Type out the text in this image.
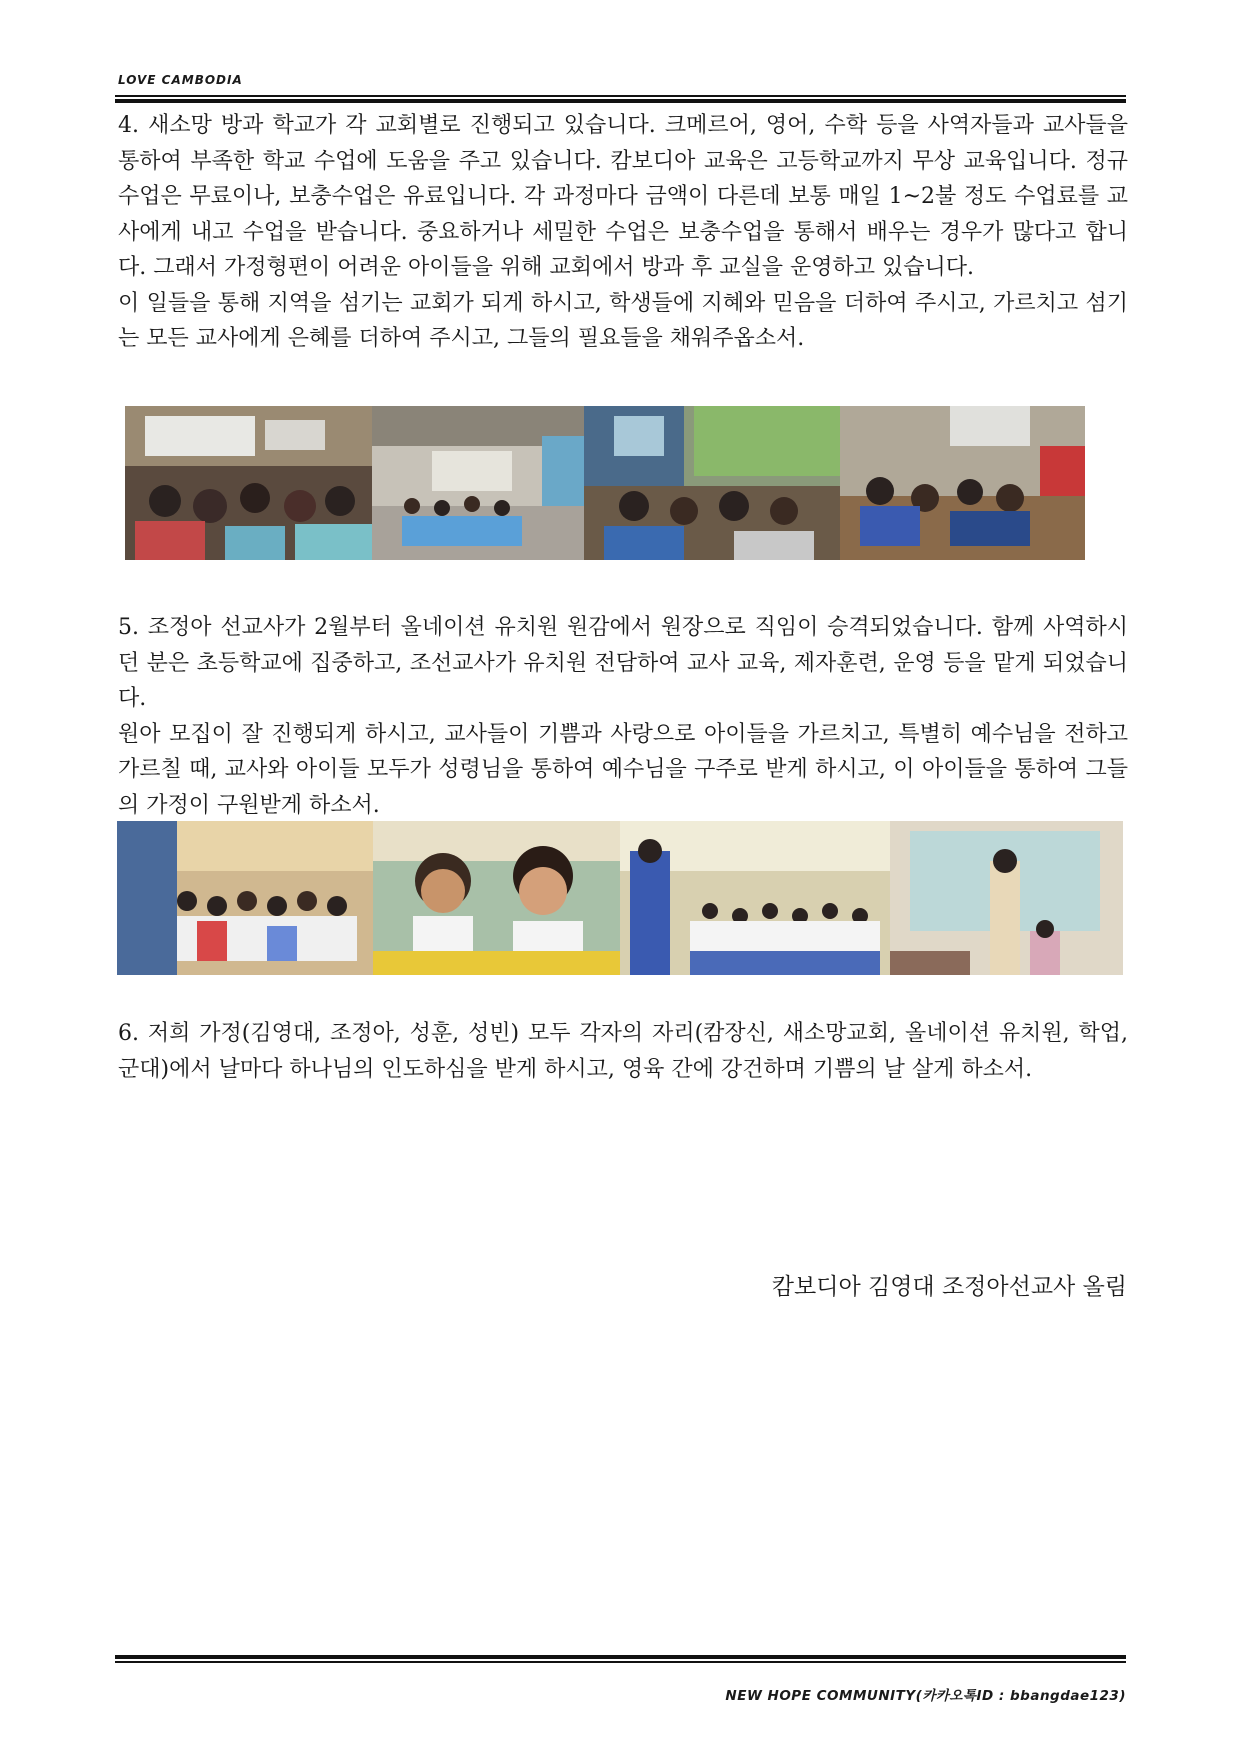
LOVE CAMBODIA

4. 새소망 방과 학교가 각 교회별로 진행되고 있습니다. 크메르어, 영어, 수학 등을 사역자들과 교사들을 통하여 부족한 학교 수업에 도움을 주고 있습니다. 캄보디아 교육은 고등학교까지 무상 교육입니다. 정규 수업은 무료이나, 보충수업은 유료입니다. 각 과정마다 금액이 다른데 보통 매일 1~2불 정도 수업료를 교사에게 내고 수업을 받습니다. 중요하거나 세밀한 수업은 보충수업을 통해서 배우는 경우가 많다고 합니다. 그래서 가정형편이 어려운 아이들을 위해 교회에서 방과 후 교실을 운영하고 있습니다.

이 일들을 통해 지역을 섬기는 교회가 되게 하시고, 학생들에 지혜와 믿음을 더하여 주시고, 가르치고 섬기는 모든 교사에게 은혜를 더하여 주시고, 그들의 필요들을 채워주옵소서.

5. 조정아 선교사가 2월부터 올네이션 유치원 원감에서 원장으로 직임이 승격되었습니다. 함께 사역하시던 분은 초등학교에 집중하고, 조선교사가 유치원 전담하여 교사 교육, 제자훈련, 운영 등을 맡게 되었습니다.

원아 모집이 잘 진행되게 하시고, 교사들이 기쁨과 사랑으로 아이들을 가르치고, 특별히 예수님을 전하고 가르칠 때, 교사와 아이들 모두가 성령님을 통하여 예수님을 구주로 받게 하시고, 이 아이들을 통하여 그들의 가정이 구원받게 하소서.

6. 저희 가정(김영대, 조정아, 성훈, 성빈) 모두 각자의 자리(캄장신, 새소망교회, 올네이션 유치원, 학업, 군대)에서 날마다 하나님의 인도하심을 받게 하시고, 영육 간에 강건하며 기쁨의 날 살게 하소서.

캄보디아 김영대 조정아선교사 올림
NEW HOPE COMMUNITY(카카오톡ID : bbangdae123)
